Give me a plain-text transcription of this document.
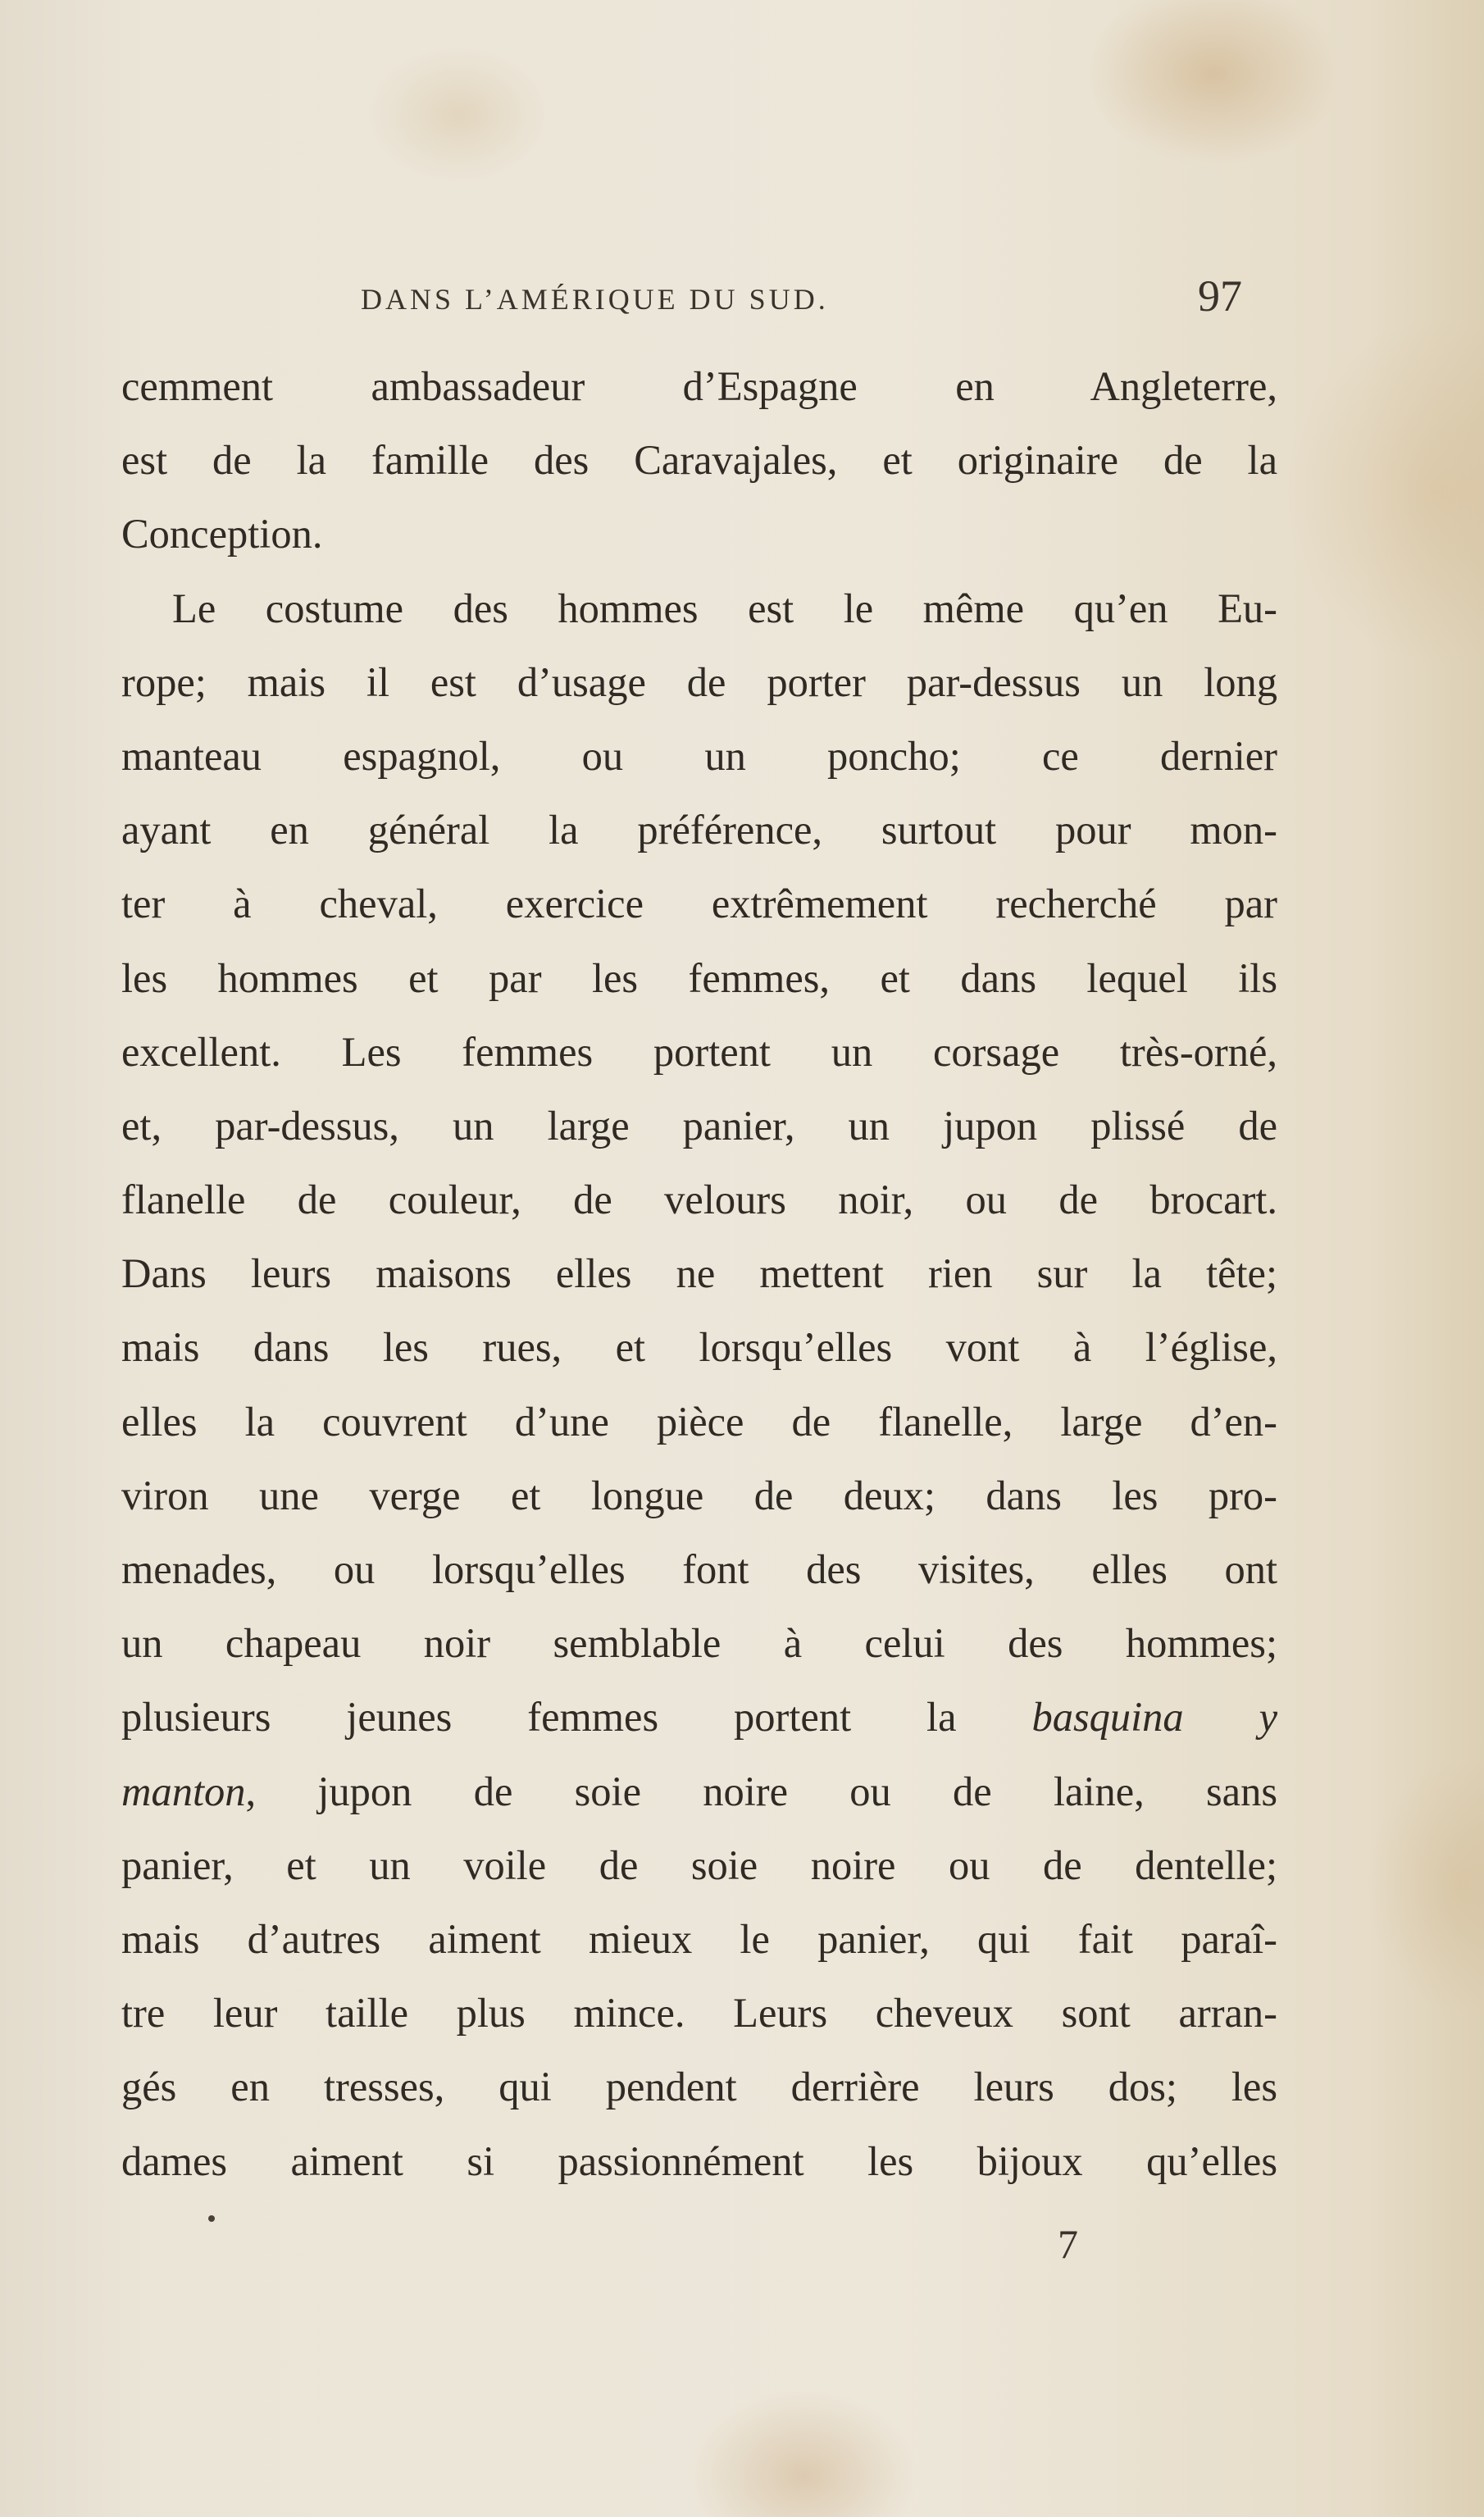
DANS L’AMÉRIQUE DU SUD.	97
cemment ambassadeur d’Espagne en Angleterre,
est de la famille des Caravajales, et originaire de la
Conception.
Le costume des hommes est le même qu’en Eu-
rope; mais il est d’usage de porter par-dessus un long
manteau espagnol, ou un poncho; ce dernier
ayant en général la préférence, surtout pour mon-
ter à cheval, exercice extrêmement recherché par
les hommes et par les femmes, et dans lequel ils
excellent. Les femmes portent un corsage très-orné,
et, par-dessus, un large panier, un jupon plissé de
flanelle de couleur, de velours noir, ou de brocart.
Dans leurs maisons elles ne mettent rien sur la tête;
mais dans les rues, et lorsqu’elles vont à l’église,
elles la couvrent d’une pièce de flanelle, large d’en-
viron une verge et longue de deux; dans les pro-
menades, ou lorsqu’elles font des visites, elles ont
un chapeau noir semblable à celui des hommes;
plusieurs jeunes femmes portent la basquina y
manton, jupon de soie noire ou de laine, sans
panier, et un voile de soie noire ou de dentelle;
mais d’autres aiment mieux le panier, qui fait paraî-
tre leur taille plus mince. Leurs cheveux sont arran-
gés en tresses, qui pendent derrière leurs dos; les
dames aiment si passionnément les bijoux qu’elles
7
